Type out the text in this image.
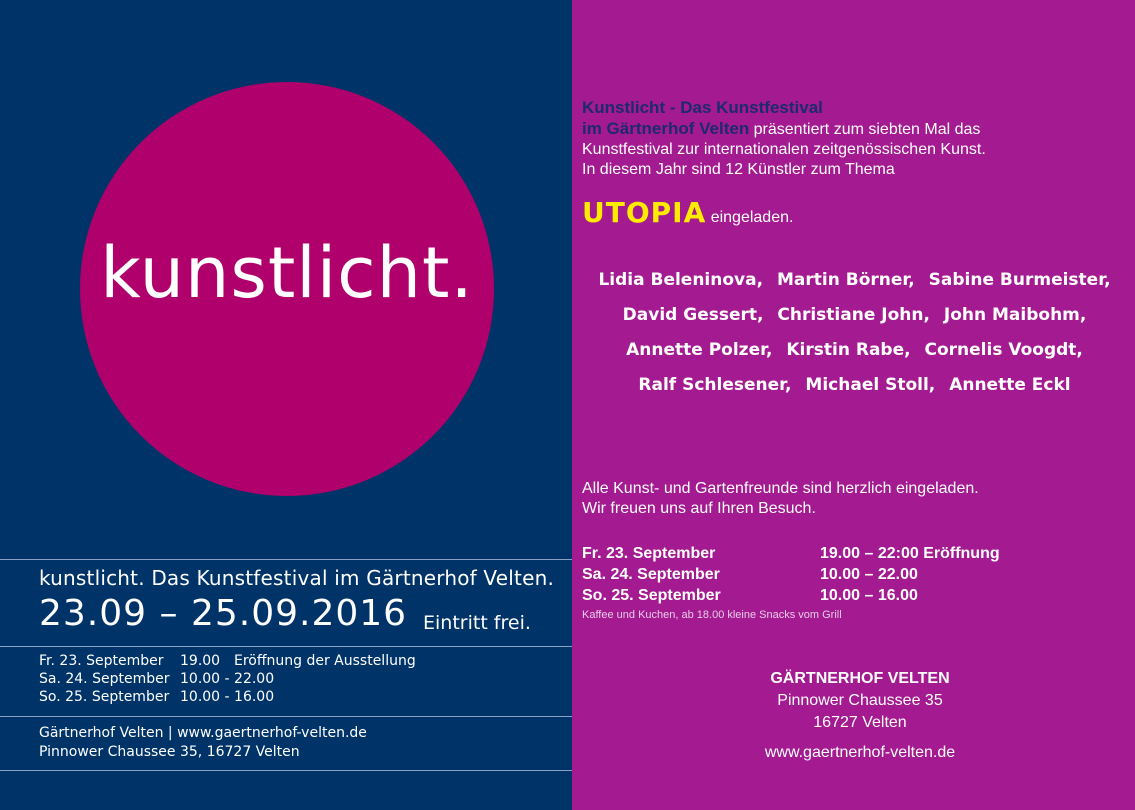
kunstlicht.
kunstlicht. Das Kunstfestival im Gärtnerhof Velten.
23.09 – 25.09.2016 Eintritt frei.
Fr. 23. September	19.00 Eröffnung der Ausstellung
Sa. 24. September 10.00 - 22.00
So. 25. September 10.00 - 16.00
Gärtnerhof Velten | www.gaertnerhof-velten.de
Pinnower Chaussee 35, 16727 Velten
Kunstlicht - Das Kunstfestival
im Gärtnerhof Velten präsentiert zum siebten Mal das
Kunstfestival zur internationalen zeitgenössischen Kunst.
In diesem Jahr sind 12 Künstler zum Thema
UTOPIA eingeladen.
Lidia Beleninova, Martin Börner, Sabine Burmeister, David Gessert, Christiane John, John Maibohm, Annette Polzer, Kirstin Rabe, Cornelis Voogdt, Ralf Schlesener, Michael Stoll, Annette Eckl
Alle Kunst- und Gartenfreunde sind herzlich eingeladen.
Wir freuen uns auf Ihren Besuch.
Fr. 23. September	19.00 – 22:00 Eröffnung
Sa. 24. September	10.00 – 22.00
So. 25. September	10.00 – 16.00
Kaffee und Kuchen, ab 18.00 kleine Snacks vom Grill
GÄRTNERHOF VELTEN
Pinnower Chaussee 35
16727 Velten
www.gaertnerhof-velten.de
